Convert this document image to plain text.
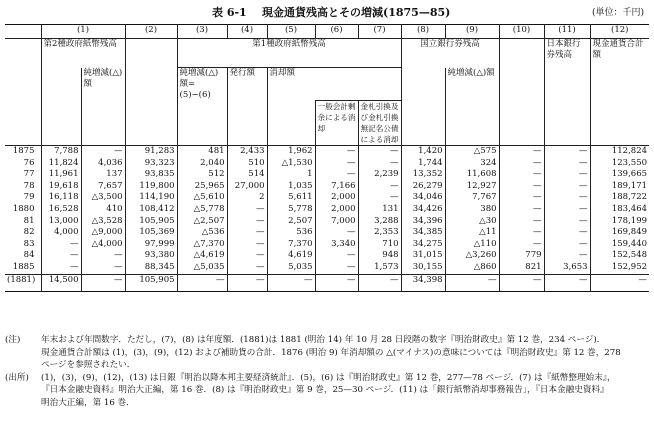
表 6-1 現金通貨残高とその増減(1875—85)	(単位：千円)
	(1)		(2)	(3)	(4)	(5)	(6)	(7)	(8)	(9)	(10)	(11)	(12)
	第2種政府紙幣残高			第1種政府紙幣残高					国立銀行券残高			日本銀行券残高	現金通貨合計額
		純増減(△)額		純増減(△)額=(5)−(6)	発行額	消却額				純増減(△)額			
							一般会計剰余による消却	金札引換及び金札引換無記名公債による消却					
1875	7,788	—	91,283	481	2,433	1,962	—	—	1,420	△575	—	—	112,824
76	11,824	4,036	93,323	2,040	510	△1,530	—	—	1,744	324	—	—	123,550
77	11,961	137	93,835	512	514	1	—	2,239	13,352	11,608	—	—	139,665
78	19,618	7,657	119,800	25,965	27,000	1,035	7,166	—	26,279	12,927	—	—	189,171
79	16,118	△3,500	114,190	△5,610	2	5,611	2,000	—	34,046	7,767	—	—	188,722
1880	16,528	410	108,412	△5,778	—	5,778	2,000	131	34,426	380	—	—	183,464
81	13,000	△3,528	105,905	△2,507	—	2,507	7,000	3,288	34,396	△30	—	—	178,199
82	4,000	△9,000	105,369	△536	—	536	—	2,353	34,385	△11	—	—	169,849
83	—	△4,000	97,999	△7,370	—	7,370	3,340	710	34,275	△110	—	—	159,440
84	—	—	93,380	△4,619	—	4,619	—	948	31,015	△3,260	779	—	152,548
1885	—	—	88,345	△5,035	—	5,035	—	1,573	30,155	△860	821	3,653	152,952
(1881)	14,500	—	105,905	—	—	—	—	—	34,398	—	—	—	—
(注) 年末および年間数字．ただし，(7)，(8) は年度額．(1881)は 1881 (明治 14) 年 10 月 28 日段階の数字『明治財政史』第 12 巻，234 ページ)．
現金通貨合計額は (1)，(3)，(9)，(12) および補助貨の合計．1876 (明治 9) 年消却額の △(マイナス)の意味については『明治財政史』第 12 巻，278
ページを参照されたい．
(出所) (1)，(3)，(9)，(12)，(13) は日銀『明治以降本邦主要経済統計』．(5)，(6) は『明治財政史』第 12 巻，277—78 ページ．(7) は『紙幣整理始末』，
『日本金融史資料』明治大正編，第 16 巻．(8) は『明治財政史』第 9 巻，25—30 ページ．(11) は「銀行紙幣消却事務報告」，『日本金融史資料』
明治大正編，第 16 巻．
